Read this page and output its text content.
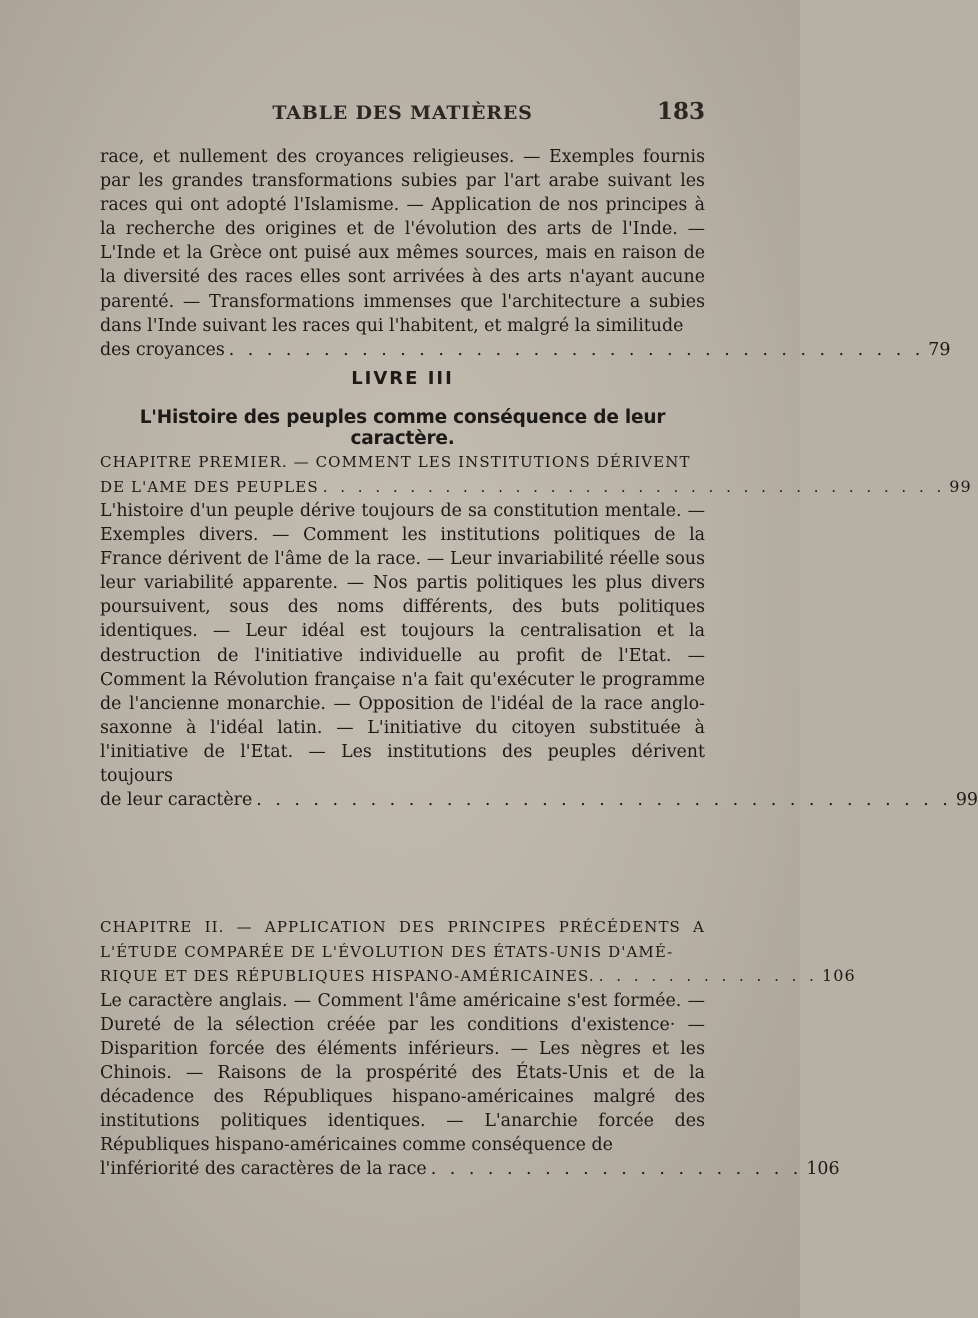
TABLE DES MATIÈRES	183

race, et nullement des croyances religieuses. — Exemples fournis par les grandes transformations subies par l'art arabe suivant les races qui ont adopté l'Islamisme. — Application de nos principes à la recherche des origines et de l'évolution des arts de l'Inde. — L'Inde et la Grèce ont puisé aux mêmes sources, mais en raison de la diversité des races elles sont arrivées à des arts n'ayant aucune parenté. — Transformations immenses que l'architecture a subies dans l'Inde suivant les races qui l'habitent, et malgré la similitude

des croyances . . . . . . . . . . . . . . . . . . . . . . . . . . . . . . . . . . . . . 79
LIVRE III
L'Histoire des peuples comme conséquence de leur caractère.

CHAPITRE PREMIER. — COMMENT LES INSTITUTIONS DÉRIVENT

DE L'AME DES PEUPLES . . . . . . . . . . . . . . . . . . . . . . . . . . . . . . . . . . . . 99

L'histoire d'un peuple dérive toujours de sa constitution mentale. — Exemples divers. — Comment les institutions politiques de la France dérivent de l'âme de la race. — Leur invariabilité réelle sous leur variabilité apparente. — Nos partis politiques les plus divers poursuivent, sous des noms différents, des buts politiques identiques. — Leur idéal est toujours la centralisation et la destruction de l'initiative individuelle au profit de l'Etat. — Comment la Révolution française n'a fait qu'exécuter le programme de l'ancienne monarchie. — Opposition de l'idéal de la race anglo-saxonne à l'idéal latin. — L'initiative du citoyen substituée à l'initiative de l'Etat. — Les institutions des peuples dérivent toujours

de leur caractère . . . . . . . . . . . . . . . . . . . . . . . . . . . . . . . . . . . . . 99

CHAPITRE II. — APPLICATION DES PRINCIPES PRÉCÉDENTS A L'ÉTUDE COMPARÉE DE L'ÉVOLUTION DES ÉTATS-UNIS D'AMÉ-

RIQUE ET DES RÉPUBLIQUES HISPANO-AMÉRICAINES. . . . . . . . . . . . . . 106

Le caractère anglais. — Comment l'âme américaine s'est formée. — Dureté de la sélection créée par les conditions d'existence· — Disparition forcée des éléments inférieurs. — Les nègres et les Chinois. — Raisons de la prospérité des États-Unis et de la décadence des Républiques hispano-américaines malgré des institutions politiques identiques. — L'anarchie forcée des Républiques hispano-américaines comme conséquence de

l'infériorité des caractères de la race . . . . . . . . . . . . . . . . . . . . 106
